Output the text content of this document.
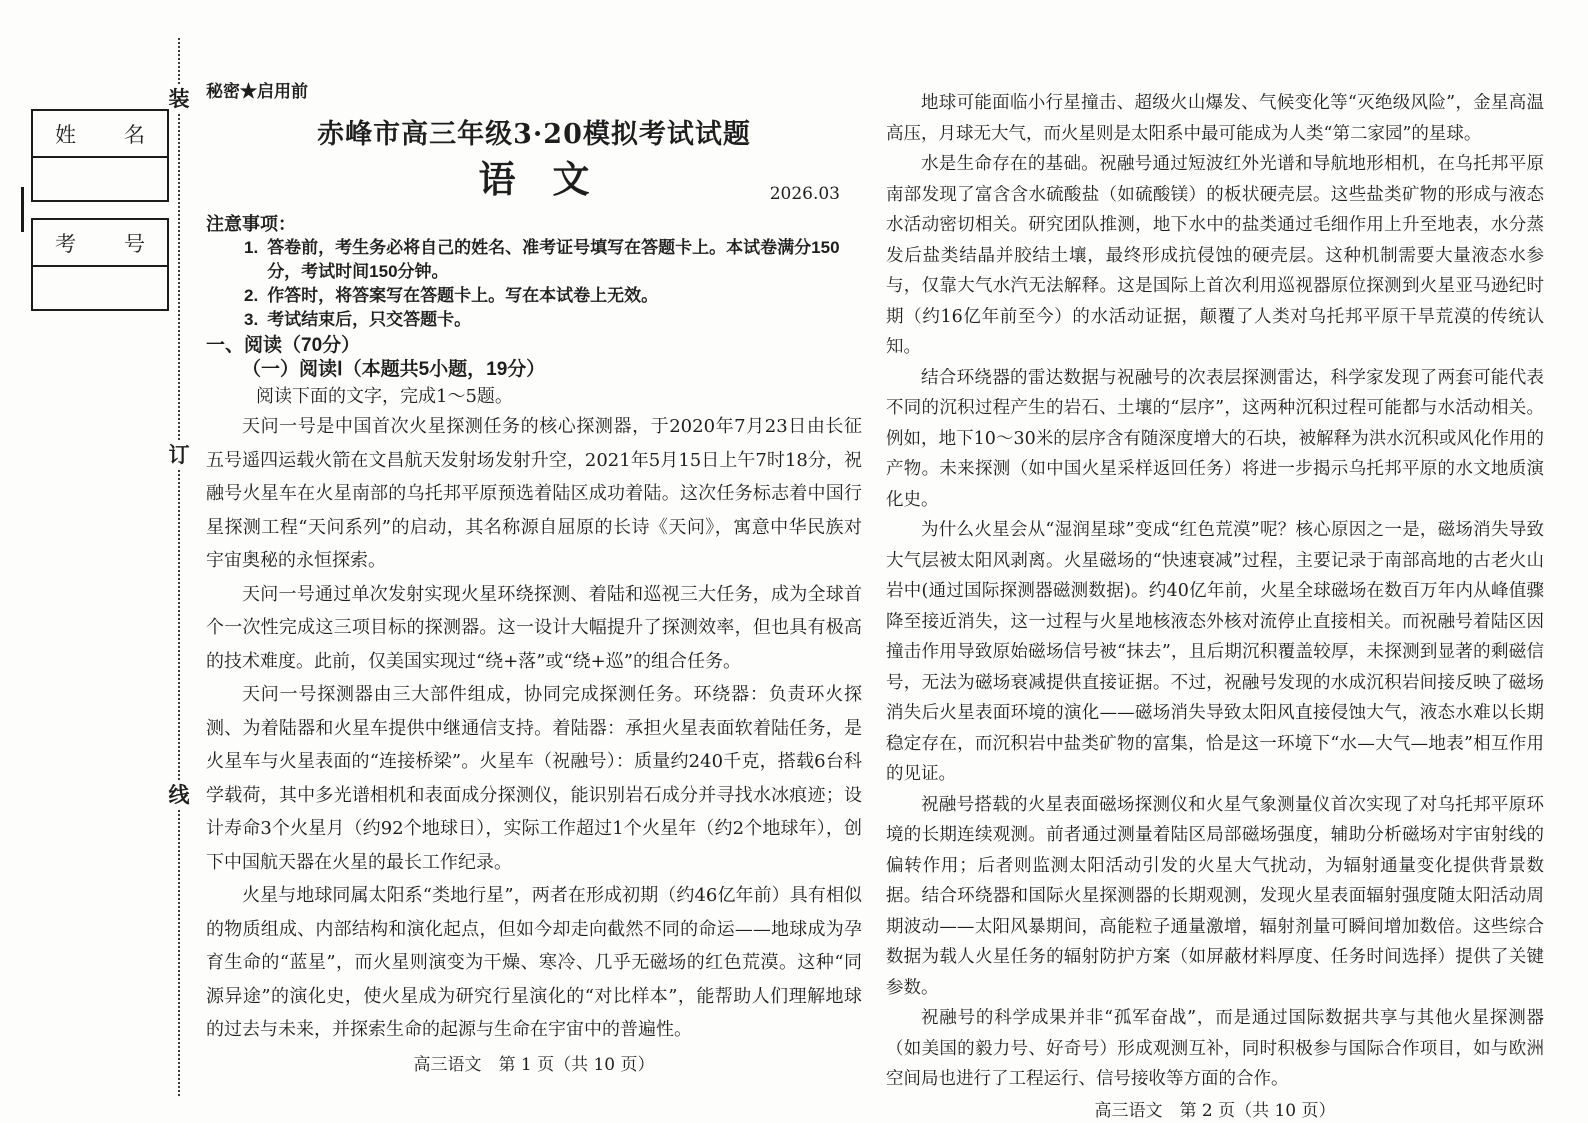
装
订
线
姓 名
考 号
秘密★启用前
赤峰市高三年级3·20模拟考试试题
语　文	2026.03
注意事项：
1. 答卷前，考生务必将自己的姓名、准考证号填写在答题卡上。本试卷满分150分，考试时间150分钟。
2. 作答时，将答案写在答题卡上。写在本试卷上无效。
3. 考试结束后，只交答题卡。
一、阅读（70分）
（一）阅读Ⅰ（本题共5小题，19分）
阅读下面的文字，完成1～5题。

天问一号是中国首次火星探测任务的核心探测器，于2020年7月23日由长征五号遥四运载火箭在文昌航天发射场发射升空，2021年5月15日上午7时18分，祝融号火星车在火星南部的乌托邦平原预选着陆区成功着陆。这次任务标志着中国行星探测工程“天问系列”的启动，其名称源自屈原的长诗《天问》，寓意中华民族对宇宙奥秘的永恒探索。

天问一号通过单次发射实现火星环绕探测、着陆和巡视三大任务，成为全球首个一次性完成这三项目标的探测器。这一设计大幅提升了探测效率，但也具有极高的技术难度。此前，仅美国实现过“绕+落”或“绕+巡”的组合任务。

天问一号探测器由三大部件组成，协同完成探测任务。环绕器：负责环火探测、为着陆器和火星车提供中继通信支持。着陆器：承担火星表面软着陆任务，是火星车与火星表面的“连接桥梁”。火星车（祝融号）：质量约240千克，搭载6台科学载荷，其中多光谱相机和表面成分探测仪，能识别岩石成分并寻找水冰痕迹；设计寿命3个火星月（约92个地球日），实际工作超过1个火星年（约2个地球年），创下中国航天器在火星的最长工作纪录。

火星与地球同属太阳系“类地行星”，两者在形成初期（约46亿年前）具有相似的物质组成、内部结构和演化起点，但如今却走向截然不同的命运——地球成为孕育生命的“蓝星”，而火星则演变为干燥、寒冷、几乎无磁场的红色荒漠。这种“同源异途”的演化史，使火星成为研究行星演化的“对比样本”，能帮助人们理解地球的过去与未来，并探索生命的起源与生命在宇宙中的普遍性。

高三语文　第 1 页（共 10 页）

地球可能面临小行星撞击、超级火山爆发、气候变化等“灭绝级风险”，金星高温高压，月球无大气，而火星则是太阳系中最可能成为人类“第二家园”的星球。

水是生命存在的基础。祝融号通过短波红外光谱和导航地形相机，在乌托邦平原南部发现了富含含水硫酸盐（如硫酸镁）的板状硬壳层。这些盐类矿物的形成与液态水活动密切相关。研究团队推测，地下水中的盐类通过毛细作用上升至地表，水分蒸发后盐类结晶并胶结土壤，最终形成抗侵蚀的硬壳层。这种机制需要大量液态水参与，仅靠大气水汽无法解释。这是国际上首次利用巡视器原位探测到火星亚马逊纪时期（约16亿年前至今）的水活动证据，颠覆了人类对乌托邦平原干旱荒漠的传统认知。

结合环绕器的雷达数据与祝融号的次表层探测雷达，科学家发现了两套可能代表不同的沉积过程产生的岩石、土壤的“层序”，这两种沉积过程可能都与水活动相关。例如，地下10～30米的层序含有随深度增大的石块，被解释为洪水沉积或风化作用的产物。未来探测（如中国火星采样返回任务）将进一步揭示乌托邦平原的水文地质演化史。

为什么火星会从“湿润星球”变成“红色荒漠”呢？核心原因之一是，磁场消失导致大气层被太阳风剥离。火星磁场的“快速衰减”过程，主要记录于南部高地的古老火山岩中(通过国际探测器磁测数据)。约40亿年前，火星全球磁场在数百万年内从峰值骤降至接近消失，这一过程与火星地核液态外核对流停止直接相关。而祝融号着陆区因撞击作用导致原始磁场信号被“抹去”，且后期沉积覆盖较厚，未探测到显著的剩磁信号，无法为磁场衰减提供直接证据。不过，祝融号发现的水成沉积岩间接反映了磁场消失后火星表面环境的演化——磁场消失导致太阳风直接侵蚀大气，液态水难以长期稳定存在，而沉积岩中盐类矿物的富集，恰是这一环境下“水—大气—地表”相互作用的见证。

祝融号搭载的火星表面磁场探测仪和火星气象测量仪首次实现了对乌托邦平原环境的长期连续观测。前者通过测量着陆区局部磁场强度，辅助分析磁场对宇宙射线的偏转作用；后者则监测太阳活动引发的火星大气扰动，为辐射通量变化提供背景数据。结合环绕器和国际火星探测器的长期观测，发现火星表面辐射强度随太阳活动周期波动——太阳风暴期间，高能粒子通量激增，辐射剂量可瞬间增加数倍。这些综合数据为载人火星任务的辐射防护方案（如屏蔽材料厚度、任务时间选择）提供了关键参数。

祝融号的科学成果并非“孤军奋战”，而是通过国际数据共享与其他火星探测器（如美国的毅力号、好奇号）形成观测互补，同时积极参与国际合作项目，如与欧洲空间局也进行了工程运行、信号接收等方面的合作。

高三语文　第 2 页（共 10 页）
